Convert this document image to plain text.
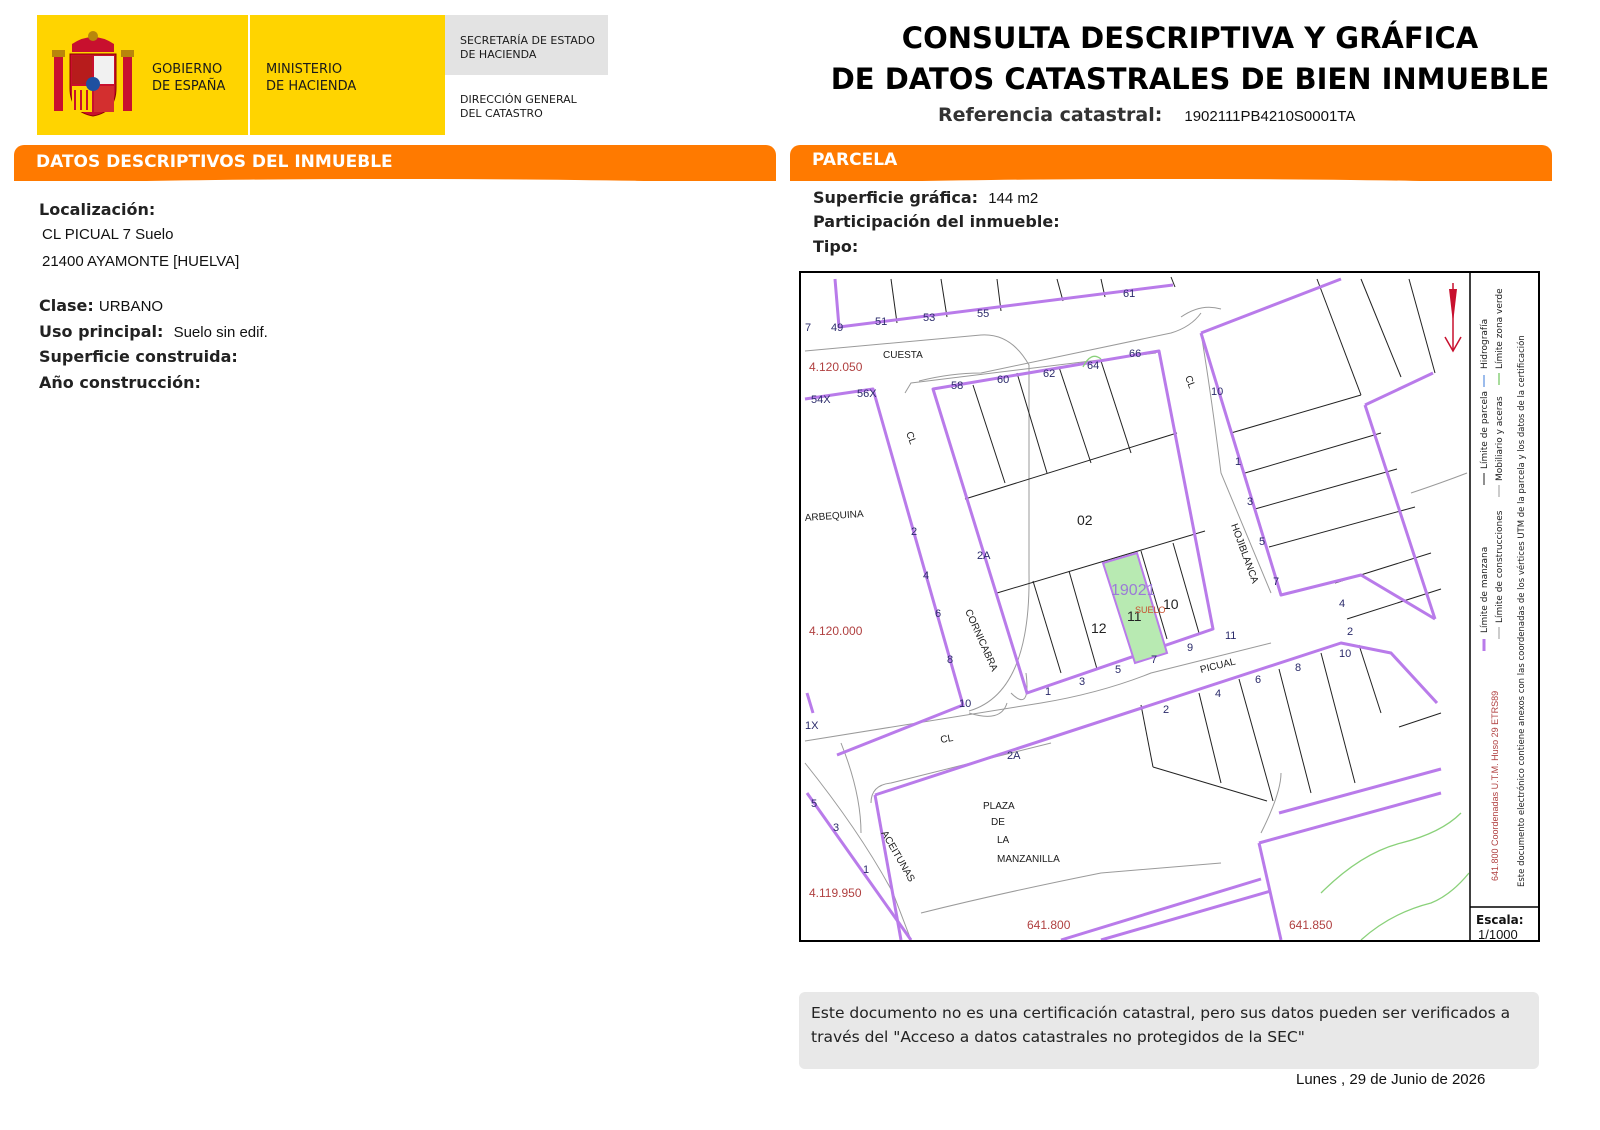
GOBIERNO
DE ESPAÑA
MINISTERIO
DE HACIENDA
SECRETARÍA DE ESTADO
DE HACIENDA
DIRECCIÓN GENERAL
DEL CATASTRO
CONSULTA DESCRIPTIVA Y GRÁFICA
DE DATOS CATASTRALES DE BIEN INMUEBLE
Referencia catastral: 1902111PB4210S0001TA
DATOS DESCRIPTIVOS DEL INMUEBLE	PARCELA
Localización:
CL PICUAL 7 Suelo
21400 AYAMONTE [HUELVA]
Clase: URBANO
Uso principal: Suelo sin edif.
Superficie construida:
Año construcción:
Superficie gráfica: 144 m2
Participación del inmueble:
Tipo:
CUESTA
CL
CL
CL
ARBEQUINA
CORNICABRA
HOJIBLANCA
PICUAL
ACEITUNAS
PLAZA
DE
LA
MANZANILLA
02
12
11
10
19021
SUELO
49	51	53	55
61
58	60	62
64
66
54X 56X
7
2
4
6
8
10
2A
1
3
5
7
9
11
10
1
3
5
7
2
4
6
8
10
2A
4
2
5
3
1
1X
4.120.050
4.120.000
4.119.950
641.800	641.850
Límite de manzana
Límite de parcela
Hidrografía
Límite de construcciones
Mobiliario y aceras
Límite zona verde
641.800 Coordenadas U.T.M. Huso 29 ETRS89 Este documento electrónico contiene anexos con las coordenadas de los vértices UTM de la parcela y los datos de la certificación
Escala:
1/1000
Este documento no es una certificación catastral, pero sus datos pueden ser verificados a través del "Acceso a datos catastrales no protegidos de la SEC"
Lunes , 29 de Junio de 2026
